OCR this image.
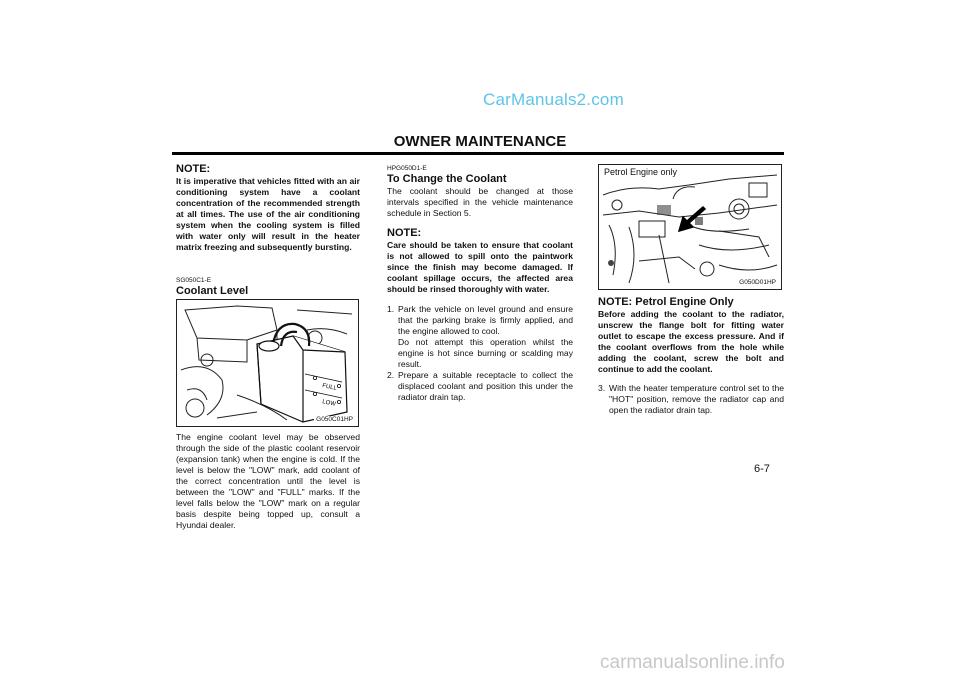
CarManuals2.com
carmanualsonline.info
OWNER MAINTENANCE
NOTE:

It is imperative that vehicles fitted with an air conditioning system have a coolant concentration of the recommended strength at all times. The use of the air conditioning system when the cooling system is filled with water only will result in the heater matrix freezing and subsequently bursting.

SG050C1-E
Coolant Level
FULL
LOW
G050C01HP
The engine coolant level may be observed through the side of the plastic coolant reservoir (expansion tank) when the engine is cold. If the level is below the "LOW" mark, add coolant of the correct concentration until the level is between the "LOW" and "FULL" marks. If the level falls below the "LOW" mark on a regular basis despite being topped up, consult a Hyundai dealer.
HPG050D1-E
To Change the Coolant

The coolant should be changed at those intervals specified in the vehicle maintenance schedule in Section 5.

NOTE:

Care should be taken to ensure that coolant is not allowed to spill onto the paintwork since the finish may become damaged. If coolant spillage occurs, the affected area should be rinsed thoroughly with water.

1. Park the vehicle on level ground and ensure that the parking brake is firmly applied, and the engine allowed to cool.
Do not attempt this operation whilst the engine is hot since burning or scalding may result.
2. Prepare a suitable receptacle to collect the displaced coolant and position this under the radiator drain tap.
Petrol Engine only
G050D01HP
NOTE: Petrol Engine Only

Before adding the coolant to the radiator, unscrew the flange bolt for fitting water outlet to escape the excess pressure. And if the coolant overflows from the hole while adding the coolant, screw the bolt and continue to add the coolant.

3. With the heater temperature control set to the "HOT" position, remove the radiator cap and open the radiator drain tap.
6-7
